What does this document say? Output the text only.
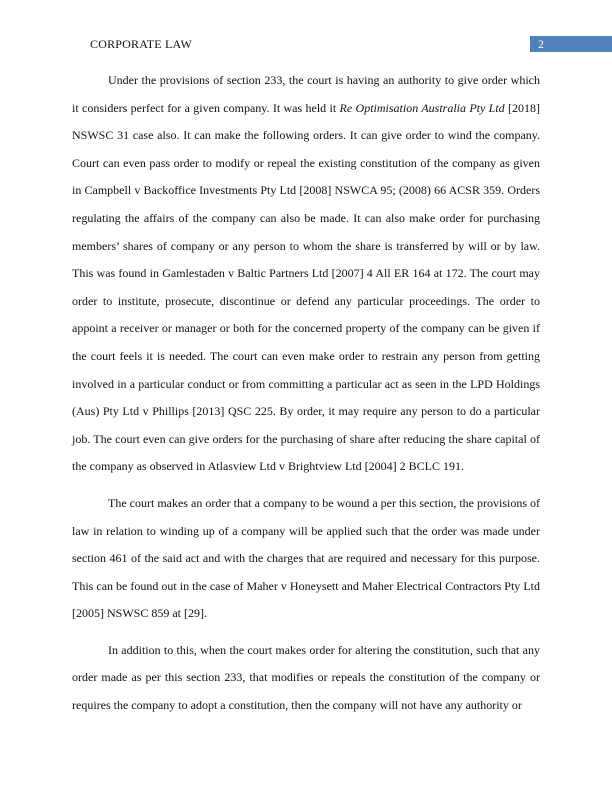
CORPORATE LAW	2

Under the provisions of section 233, the court is having an authority to give order which it considers perfect for a given company. It was held it Re Optimisation Australia Pty Ltd [2018] NSWSC 31 case also. It can make the following orders. It can give order to wind the company. Court can even pass order to modify or repeal the existing constitution of the company as given in Campbell v Backoffice Investments Pty Ltd [2008] NSWCA 95; (2008) 66 ACSR 359. Orders regulating the affairs of the company can also be made. It can also make order for purchasing members’ shares of company or any person to whom the share is transferred by will or by law. This was found in Gamlestaden v Baltic Partners Ltd [2007] 4 All ER 164 at 172. The court may order to institute, prosecute, discontinue or defend any particular proceedings. The order to appoint a receiver or manager or both for the concerned property of the company can be given if the court feels it is needed. The court can even make order to restrain any person from getting involved in a particular conduct or from committing a particular act as seen in the LPD Holdings (Aus) Pty Ltd v Phillips [2013] QSC 225. By order, it may require any person to do a particular job. The court even can give orders for the purchasing of share after reducing the share capital of the company as observed in Atlasview Ltd v Brightview Ltd [2004] 2 BCLC 191.

The court makes an order that a company to be wound a per this section, the provisions of law in relation to winding up of a company will be applied such that the order was made under section 461 of the said act and with the charges that are required and necessary for this purpose. This can be found out in the case of Maher v Honeysett and Maher Electrical Contractors Pty Ltd [2005] NSWSC 859 at [29].

In addition to this, when the court makes order for altering the constitution, such that any order made as per this section 233, that modifies or repeals the constitution of the company or requires the company to adopt a constitution, then the company will not have any authority or
